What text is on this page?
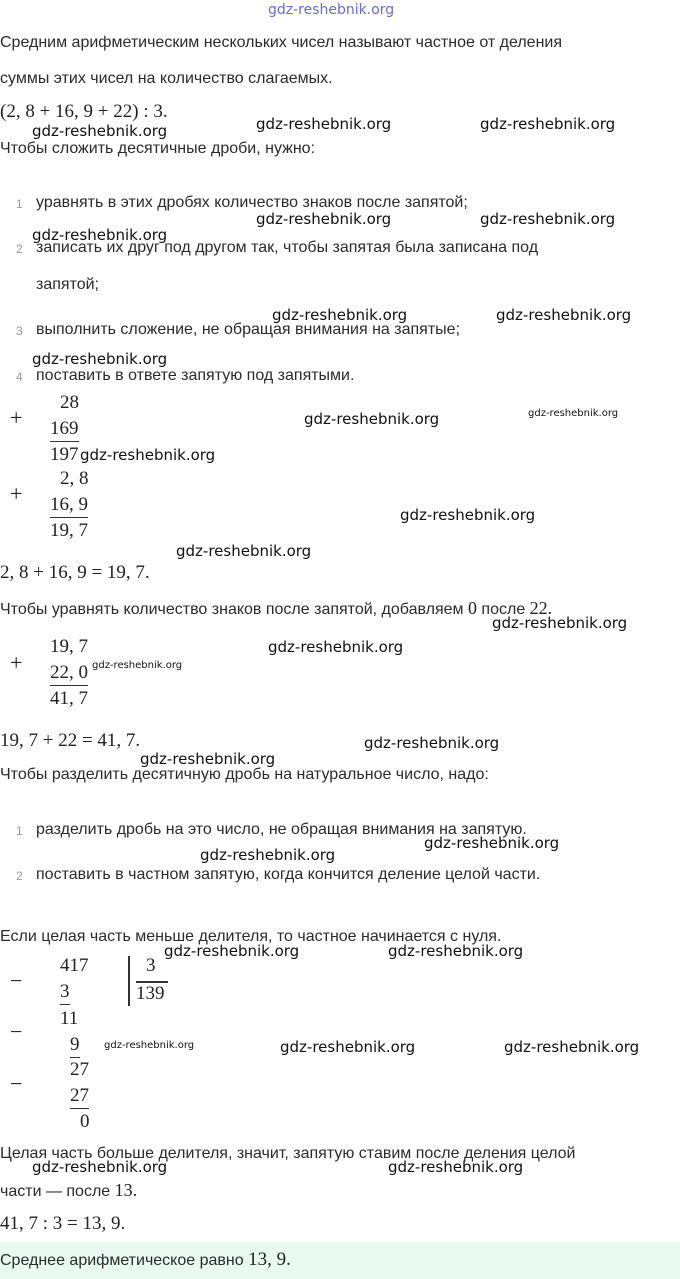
gdz-reshebnik.org
Средним арифметическим нескольких чисел называют частное от деления
суммы этих чисел на количество слагаемых.
(2, 8 + 16, 9 + 22) : 3.
Чтобы сложить десятичные дроби, нужно:
1 уравнять в этих дробях количество знаков после запятой;
2 записать их друг под другом так, чтобы запятая была записана под
запятой;
3 выполнить сложение, не обращая внимания на запятые;
4 поставить в ответе запятую под запятыми.
+
28
169
197
+
2, 8
16, 9
19, 7
2, 8 + 16, 9 = 19, 7.
Чтобы уравнять количество знаков после запятой, добавляем 0 после 22.
+
19, 7
22, 0
41, 7
19, 7 + 22 = 41, 7.
Чтобы разделить десятичную дробь на натуральное число, надо:
1 разделить дробь на это число, не обращая внимания на запятую.
2 поставить в частном запятую, когда кончится деление целой части.
Если целая часть меньше делителя, то частное начинается с нуля.
−
417
3
3
139
11
−
9
27
−	27
0
Целая часть больше делителя, значит, запятую ставим после деления целой
части — после 13.
41, 7 : 3 = 13, 9.
Среднее арифметическое равно 13, 9.
gdz-reshebnik.org	gdz-reshebnik.org	gdz-reshebnik.org
gdz-reshebnik.org	gdz-reshebnik.org
gdz-reshebnik.org
gdz-reshebnik.org	gdz-reshebnik.org
gdz-reshebnik.org
gdz-reshebnik.org	gdz-reshebnik.org
gdz-reshebnik.org
gdz-reshebnik.org
gdz-reshebnik.org
gdz-reshebnik.org
gdz-reshebnik.org
gdz-reshebnik.org
gdz-reshebnik.org
gdz-reshebnik.org
gdz-reshebnik.org
gdz-reshebnik.org
gdz-reshebnik.org	gdz-reshebnik.org
gdz-reshebnik.org	gdz-reshebnik.org	gdz-reshebnik.org
gdz-reshebnik.org	gdz-reshebnik.org
